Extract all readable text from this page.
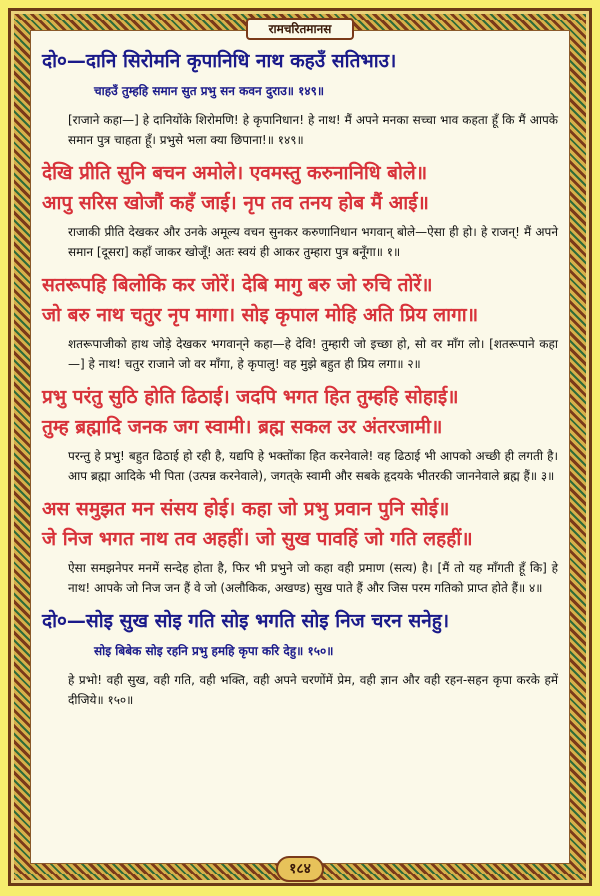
रामचरितमानस
दो०—दानि सिरोमनि कृपानिधि नाथ कहउँ सतिभाउ।
चाहउँ तुम्हहि समान सुत प्रभु सन कवन दुराउ॥ १४९॥
[राजाने कहा—] हे दानियोंके शिरोमणि! हे कृपानिधान! हे नाथ! मैं अपने मनका सच्चा भाव कहता हूँ कि मैं आपके समान पुत्र चाहता हूँ। प्रभुसे भला क्या छिपाना!॥ १४९॥
देखि प्रीति सुनि बचन अमोले। एवमस्तु करुनानिधि बोले॥
आपु सरिस खोजौं कहँ जाई। नृप तव तनय होब मैं आई॥
राजाकी प्रीति देखकर और उनके अमूल्य वचन सुनकर करुणानिधान भगवान् बोले—ऐसा ही हो। हे राजन्! मैं अपने समान [दूसरा] कहाँ जाकर खोजूँ! अतः स्वयं ही आकर तुम्हारा पुत्र बनूँगा॥ १॥
सतरूपहि बिलोकि कर जोरें। देबि मागु बरु जो रुचि तोरें॥
जो बरु नाथ चतुर नृप मागा। सोइ कृपाल मोहि अति प्रिय लागा॥
शतरूपाजीको हाथ जोड़े देखकर भगवान्‌ने कहा—हे देवि! तुम्हारी जो इच्छा हो, सो वर माँग लो। [शतरूपाने कहा—] हे नाथ! चतुर राजाने जो वर माँगा, हे कृपालु! वह मुझे बहुत ही प्रिय लगा॥ २॥
प्रभु परंतु सुठि होति ढिठाई। जदपि भगत हित तुम्हहि सोहाई॥
तुम्ह ब्रह्मादि जनक जग स्वामी। ब्रह्म सकल उर अंतरजामी॥
परन्तु हे प्रभु! बहुत ढिठाई हो रही है, यद्यपि हे भक्तोंका हित करनेवाले! वह ढिठाई भी आपको अच्छी ही लगती है। आप ब्रह्मा आदिके भी पिता (उत्पन्न करनेवाले), जगत्‌के स्वामी और सबके हृदयके भीतरकी जाननेवाले ब्रह्म हैं॥ ३॥
अस समुझत मन संसय होई। कहा जो प्रभु प्रवान पुनि सोई॥
जे निज भगत नाथ तव अहहीं। जो सुख पावहिं जो गति लहहीं॥
ऐसा समझनेपर मनमें सन्देह होता है, फिर भी प्रभुने जो कहा वही प्रमाण (सत्य) है। [मैं तो यह माँगती हूँ कि] हे नाथ! आपके जो निज जन हैं वे जो (अलौकिक, अखण्ड) सुख पाते हैं और जिस परम गतिको प्राप्त होते हैं॥ ४॥
दो०—सोइ सुख सोइ गति सोइ भगति सोइ निज चरन सनेहु।
सोइ बिबेक सोइ रहनि प्रभु हमहि कृपा करि देहु॥ १५०॥
हे प्रभो! वही सुख, वही गति, वही भक्ति, वही अपने चरणोंमें प्रेम, वही ज्ञान और वही रहन-सहन कृपा करके हमें दीजिये॥ १५०॥
१८४
